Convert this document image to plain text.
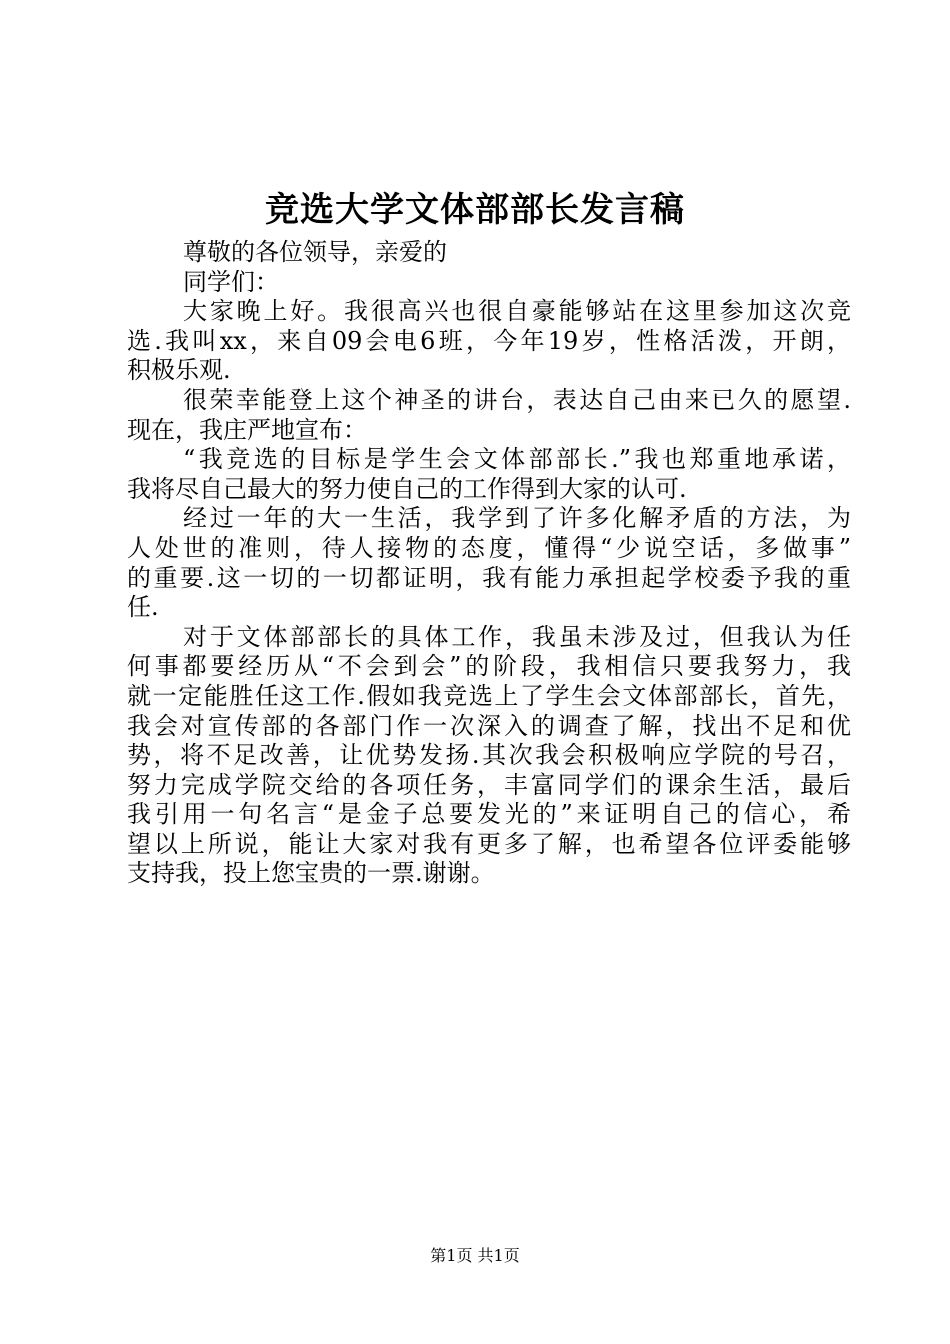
竞选大学文体部部长发言稿
尊敬的各位领导，亲爱的
同学们：
大家晚上好。我很高兴也很自豪能够站在这里参加这次竞
选.我叫xx，来自09会电6班，今年19岁，性格活泼，开朗，
积极乐观.
很荣幸能登上这个神圣的讲台，表达自己由来已久的愿望.
现在，我庄严地宣布：
“我竞选的目标是学生会文体部部长.”我也郑重地承诺，
我将尽自己最大的努力使自己的工作得到大家的认可.
经过一年的大一生活，我学到了许多化解矛盾的方法，为
人处世的准则，待人接物的态度，懂得“少说空话，多做事”
的重要.这一切的一切都证明，我有能力承担起学校委予我的重
任.
对于文体部部长的具体工作，我虽未涉及过，但我认为任
何事都要经历从“不会到会”的阶段，我相信只要我努力，我
就一定能胜任这工作.假如我竞选上了学生会文体部部长，首先，
我会对宣传部的各部门作一次深入的调查了解，找出不足和优
势，将不足改善，让优势发扬.其次我会积极响应学院的号召，
努力完成学院交给的各项任务，丰富同学们的课余生活，最后
我引用一句名言“是金子总要发光的”来证明自己的信心，希
望以上所说，能让大家对我有更多了解，也希望各位评委能够
支持我，投上您宝贵的一票.谢谢。
第1页 共1页
